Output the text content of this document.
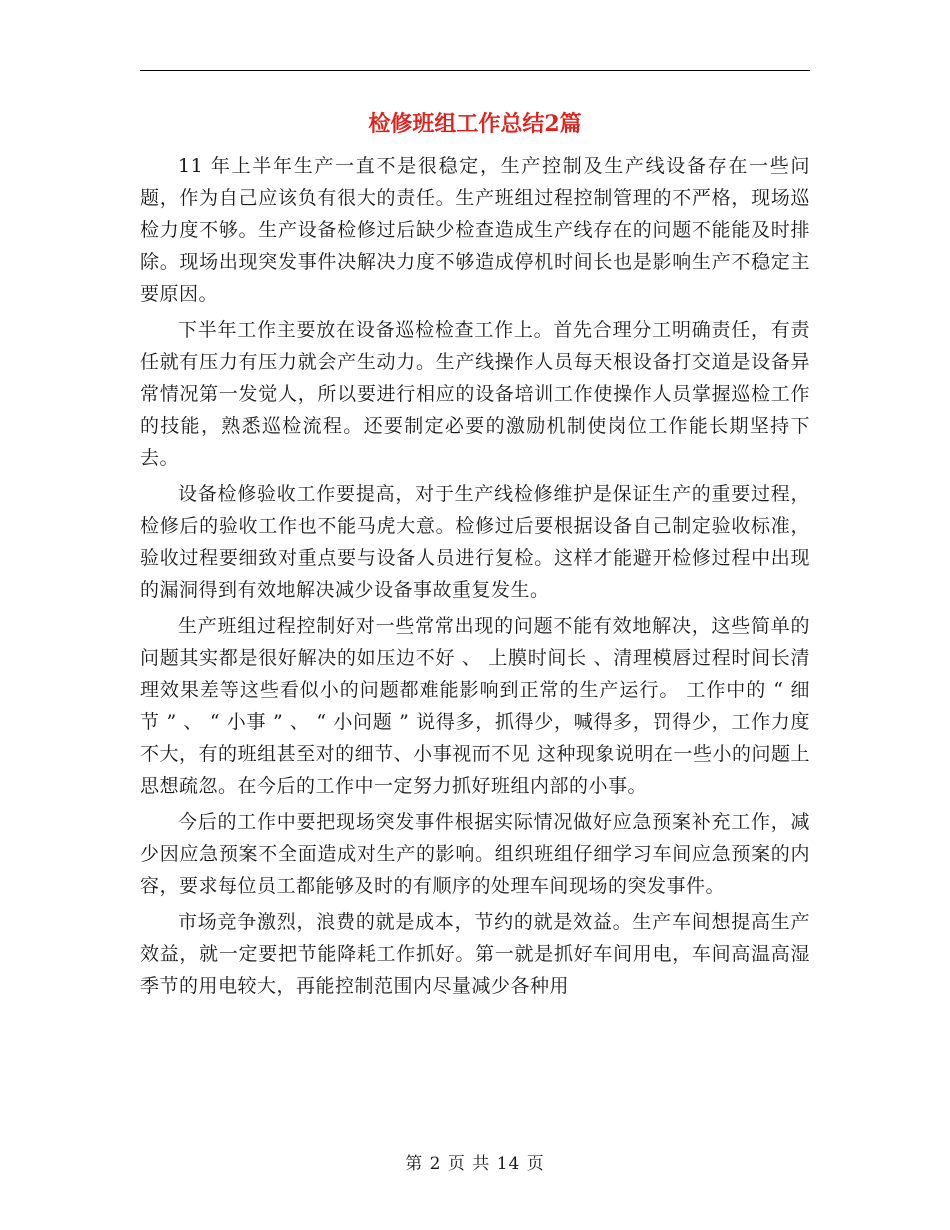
检修班组工作总结2篇

11 年上半年生产一直不是很稳定，生产控制及生产线设备存在一些问题，作为自己应该负有很大的责任。生产班组过程控制管理的不严格，现场巡检力度不够。生产设备检修过后缺少检查造成生产线存在的问题不能能及时排除。现场出现突发事件决解决力度不够造成停机时间长也是影响生产不稳定主要原因。

下半年工作主要放在设备巡检检查工作上。首先合理分工明确责任，有责任就有压力有压力就会产生动力。生产线操作人员每天根设备打交道是设备异常情况第一发觉人，所以要进行相应的设备培训工作使操作人员掌握巡检工作的技能，熟悉巡检流程。还要制定必要的激励机制使岗位工作能长期坚持下去。

设备检修验收工作要提高，对于生产线检修维护是保证生产的重要过程，检修后的验收工作也不能马虎大意。检修过后要根据设备自己制定验收标准，验收过程要细致对重点要与设备人员进行复检。这样才能避开检修过程中出现的漏洞得到有效地解决减少设备事故重复发生。

生产班组过程控制好对一些常常出现的问题不能有效地解决，这些简单的问题其实都是很好解决的如压边不好 、 上膜时间长 、清理模唇过程时间长清理效果差等这些看似小的问题都难能影响到正常的生产运行。 工作中的 “ 细节 ” 、 “ 小事 ” 、 “ 小问题 ” 说得多，抓得少，喊得多，罚得少，工作力度不大，有的班组甚至对的细节、小事视而不见 这种现象说明在一些小的问题上思想疏忽。在今后的工作中一定努力抓好班组内部的小事。

今后的工作中要把现场突发事件根据实际情况做好应急预案补充工作，减少因应急预案不全面造成对生产的影响。组织班组仔细学习车间应急预案的内容，要求每位员工都能够及时的有顺序的处理车间现场的突发事件。

市场竞争激烈，浪费的就是成本，节约的就是效益。生产车间想提高生产效益，就一定要把节能降耗工作抓好。第一就是抓好车间用电，车间高温高湿季节的用电较大，再能控制范围内尽量减少各种用

第 2 页 共 14 页
